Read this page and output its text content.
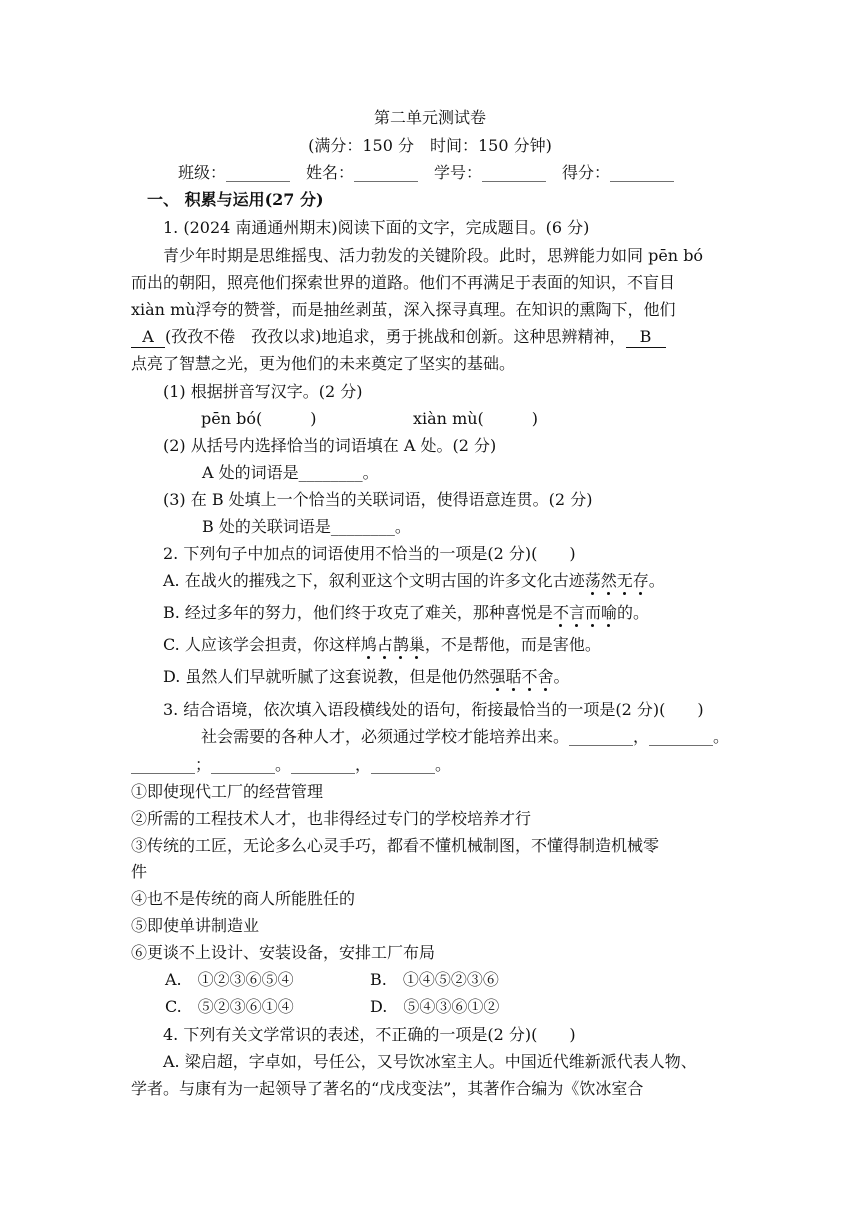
第二单元测试卷
(满分：150 分　时间：150 分钟)
班级：________　姓名：________　学号：________　得分：________
一、 积累与运用(27 分)
1. (2024 南通通州期末)阅读下面的文字，完成题目。(6 分)
青少年时期是思维摇曳、活力勃发的关键阶段。此时，思辨能力如同 pēn bó
而出的朝阳，照亮他们探索世界的道路。他们不再满足于表面的知识，不盲目
xiàn mù浮夸的赞誉，而是抽丝剥茧，深入探寻真理。在知识的熏陶下，他们
A (孜孜不倦　孜孜以求)地追求，勇于挑战和创新。这种思辨精神， B
点亮了智慧之光，更为他们的未来奠定了坚实的基础。
(1) 根据拼音写汉字。(2 分)
pēn bó(　　　)	xiàn mù(　　　)
(2) 从括号内选择恰当的词语填在 A 处。(2 分)
A 处的词语是________。
(3) 在 B 处填上一个恰当的关联词语，使得语意连贯。(2 分)
B 处的关联词语是________。
2. 下列句子中加点的词语使用不恰当的一项是(2 分)(　　)
A. 在战火的摧残之下，叙利亚这个文明古国的许多文化古迹荡然无存。
B. 经过多年的努力，他们终于攻克了难关，那种喜悦是不言而喻的。
C. 人应该学会担责，你这样鸠占鹊巢，不是帮他，而是害他。
D. 虽然人们早就听腻了这套说教，但是他仍然强聒不舍。
3. 结合语境，依次填入语段横线处的语句，衔接最恰当的一项是(2 分)(　　)
社会需要的各种人才，必须通过学校才能培养出来。________，________。
________；________。________，________。
①即使现代工厂的经营管理
②所需的工程技术人才，也非得经过专门的学校培养才行
③传统的工匠，无论多么心灵手巧，都看不懂机械制图，不懂得制造机械零
件
④也不是传统的商人所能胜任的
⑤即使单讲制造业
⑥更谈不上设计、安装设备，安排工厂布局
A.　①②③⑥⑤④	B.　①④⑤②③⑥
C.　⑤②③⑥①④	D.　⑤④③⑥①②
4. 下列有关文学常识的表述，不正确的一项是(2 分)(　　)
A. 梁启超，字卓如，号任公，又号饮冰室主人。中国近代维新派代表人物、
学者。与康有为一起领导了著名的“戊戌变法”，其著作合编为《饮冰室合
